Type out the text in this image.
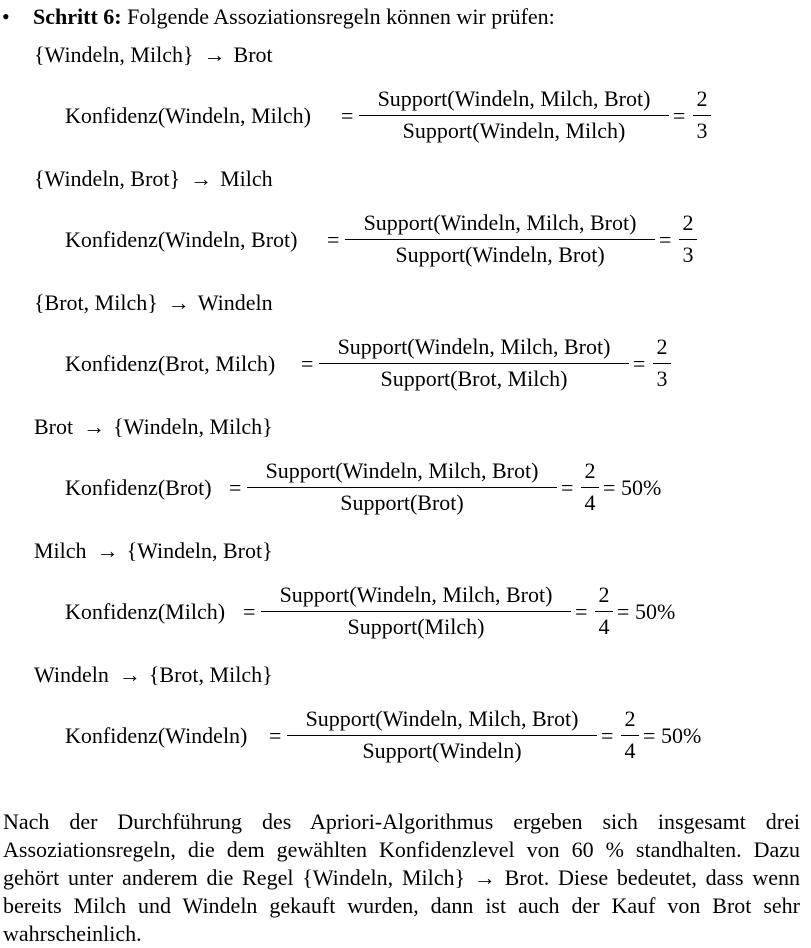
• Schritt 6: Folgende Assoziationsregeln können wir prüfen:
{Windeln, Milch} → Brot
Konfidenz(Windeln, Milch) =
Support(Windeln, Milch, Brot)
Support(Windeln, Milch)
=
2
3
{Windeln, Brot} → Milch
Konfidenz(Windeln, Brot) =
Support(Windeln, Milch, Brot)
Support(Windeln, Brot)
=
2
3
{Brot, Milch} → Windeln
Konfidenz(Brot, Milch) =
Support(Windeln, Milch, Brot)
Support(Brot, Milch)
=
2
3
Brot → {Windeln, Milch}
Konfidenz(Brot) =
Support(Windeln, Milch, Brot)
Support(Brot)
=
2
4
= 50%
Milch → {Windeln, Brot}
Konfidenz(Milch) =
Support(Windeln, Milch, Brot)
Support(Milch)
=
2
4
= 50%
Windeln → {Brot, Milch}
Konfidenz(Windeln) =
Support(Windeln, Milch, Brot)
Support(Windeln)
=
2
4
= 50%

Nach der Durchführung des Apriori-Algorithmus ergeben sich insgesamt drei Assoziationsregeln, die dem gewählten Konfidenzlevel von 60 % standhalten. Dazu gehört unter anderem die Regel {Windeln, Milch} → Brot. Diese bedeutet, dass wenn bereits Milch und Windeln gekauft wurden, dann ist auch der Kauf von Brot sehr wahrscheinlich.
